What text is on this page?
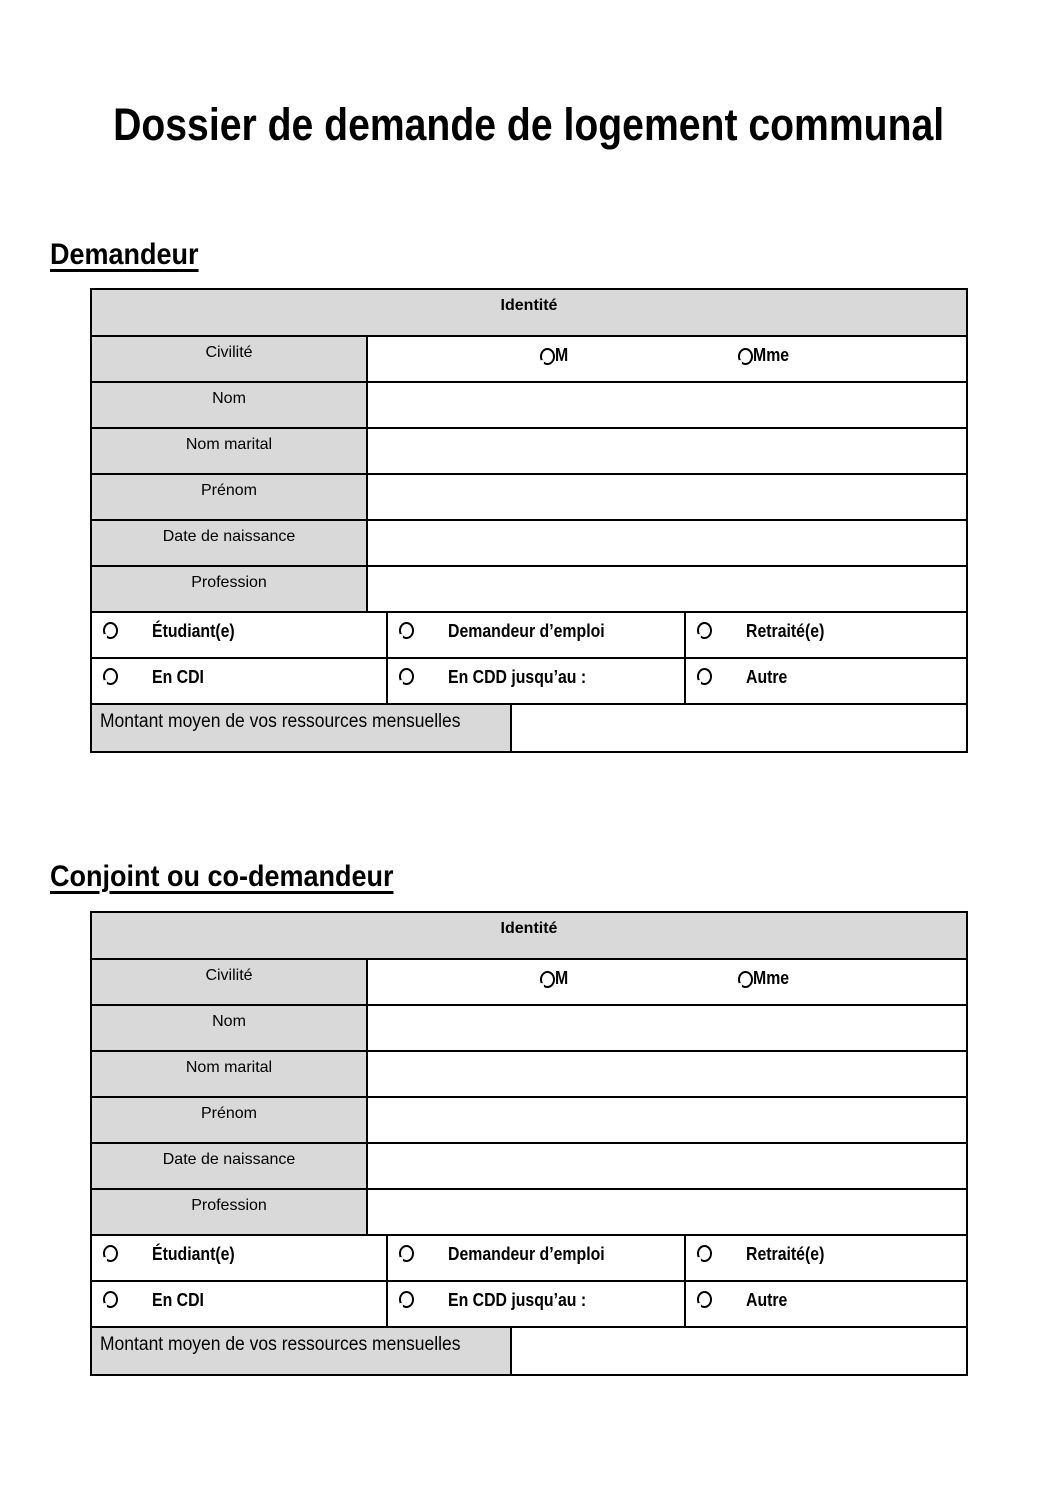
Dossier de demande de logement communal
Demandeur
Identité
Civilité	M	Mme
Nom
Nom marital
Prénom
Date de naissance
Profession
Étudiant(e)	Demandeur d’emploi	Retraité(e)
En CDI	En CDD jusqu’au :	Autre
Montant moyen de vos ressources mensuelles
Conjoint ou co-demandeur
Identité
Civilité	M	Mme
Nom
Nom marital
Prénom
Date de naissance
Profession
Étudiant(e)	Demandeur d’emploi	Retraité(e)
En CDI	En CDD jusqu’au :	Autre
Montant moyen de vos ressources mensuelles
